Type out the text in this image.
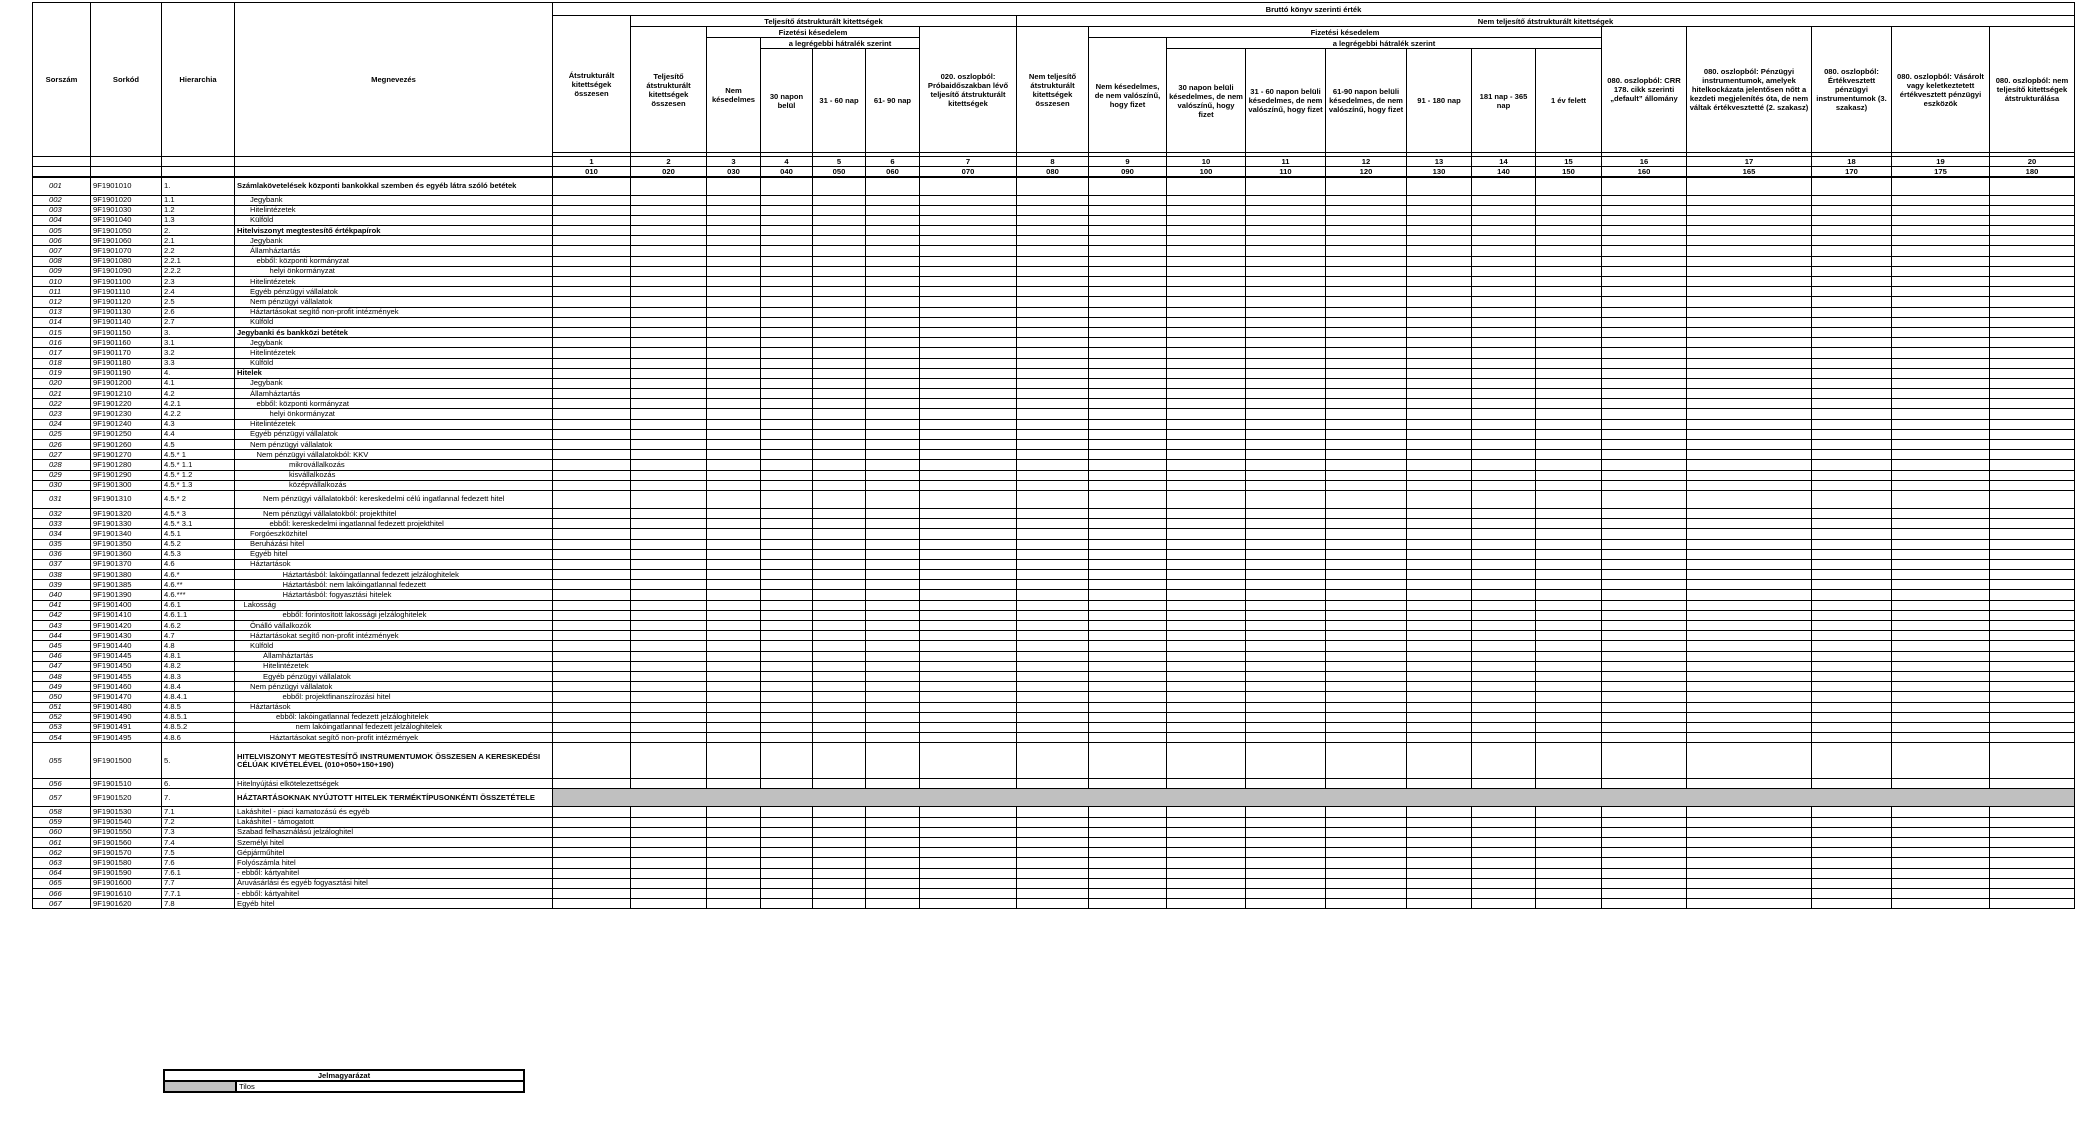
Sorszám	Sorkód	Hierarchia	Megnevezés	Bruttó könyv szerinti érték																			
				Átstrukturált kitettségek összesen	Teljesítő átstrukturált kitettségek						Nem teljesítő átstrukturált kitettségek												
					Teljesítő átstrukturált kitettségek összesen	Fizetési késedelem				020. oszlopból: Próbaidőszakban lévő teljesítő átstrukturált kitettségek	Nem teljesítő átstrukturált kitettségek összesen	Fizetési késedelem							080. oszlopból: CRR 178. cikk szerinti „default” állomány	080. oszlopból: Pénzügyi instrumentumok, amelyek hitelkockázata jelentősen nőtt a kezdeti megjelenítés óta, de nem váltak értékvesztetté (2. szakasz)	080. oszlopból: Értékvesztett pénzügyi instrumentumok (3. szakasz)	080. oszlopból: Vásárolt vagy keletkeztetett értékvesztett pénzügyi eszközök	080. oszlopból: nem teljesítő kitettségek átstrukturálása
						Nem késedelmes	a legrégebbi hátralék szerint					Nem késedelmes, de nem valószínű, hogy fizet	a legrégebbi hátralék szerint										
							30 napon belül	31 - 60 nap	61- 90 nap				30 napon belüli késedelmes, de nem valószínű, hogy fizet	31 - 60 napon belüli késedelmes, de nem valószínű, hogy fizet	61-90 napon belüli késedelmes, de nem valószínű, hogy fizet	91 - 180 nap	181 nap - 365 nap	1 év felett					

				1	2	3	4	5	6	7	8	9	10	11	12	13	14	15	16	17	18	19	20
				010	020	030	040	050	060	070	080	090	100	110	120	130	140	150	160	165	170	175	180
001	9F1901010	1.	Számlakövetelések központi bankokkal szemben és egyéb látra szóló betétek																				
002	9F1901020	1.1	Jegybank																				
003	9F1901030	1.2	Hitelintézetek																				
004	9F1901040	1.3	Külföld																				
005	9F1901050	2.	Hitelviszonyt megtestesítő értékpapírok																				
006	9F1901060	2.1	Jegybank																				
007	9F1901070	2.2	Államháztartás																				
008	9F1901080	2.2.1	ebből: központi kormányzat																				
009	9F1901090	2.2.2	helyi önkormányzat																				
010	9F1901100	2.3	Hitelintézetek																				
011	9F1901110	2.4	Egyéb pénzügyi vállalatok																				
012	9F1901120	2.5	Nem pénzügyi vállalatok																				
013	9F1901130	2.6	Háztartásokat segítő non-profit intézmények																				
014	9F1901140	2.7	Külföld																				
015	9F1901150	3.	Jegybanki és bankközi betétek																				
016	9F1901160	3.1	Jegybank																				
017	9F1901170	3.2	Hitelintézetek																				
018	9F1901180	3.3	Külföld																				
019	9F1901190	4.	Hitelek																				
020	9F1901200	4.1	Jegybank																				
021	9F1901210	4.2	Államháztartás																				
022	9F1901220	4.2.1	ebből: központi kormányzat																				
023	9F1901230	4.2.2	helyi önkormányzat																				
024	9F1901240	4.3	Hitelintézetek																				
025	9F1901250	4.4	Egyéb pénzügyi vállalatok																				
026	9F1901260	4.5	Nem pénzügyi vállalatok																				
027	9F1901270	4.5.* 1	Nem pénzügyi vállalatokból: KKV																				
028	9F1901280	4.5.* 1.1	mikrovállalkozás																				
029	9F1901290	4.5.* 1.2	kisvállalkozás																				
030	9F1901300	4.5.* 1.3	középvállalkozás																				
031	9F1901310	4.5.* 2	Nem pénzügyi vállalatokból: kereskedelmi célú ingatlannal fedezett hitel																				
032	9F1901320	4.5.* 3	Nem pénzügyi vállalatokból: projekthitel																				
033	9F1901330	4.5.* 3.1	ebből: kereskedelmi ingatlannal fedezett projekthitel																				
034	9F1901340	4.5.1	Forgóeszközhitel																				
035	9F1901350	4.5.2	Beruházási hitel																				
036	9F1901360	4.5.3	Egyéb hitel																				
037	9F1901370	4.6	Háztartások																				
038	9F1901380	4.6.*	Háztartásból: lakóingatlannal fedezett jelzáloghitelek																				
039	9F1901385	4.6.**	Háztartásból: nem lakóingatlannal fedezett																				
040	9F1901390	4.6.***	Háztartásból: fogyasztási hitelek																				
041	9F1901400	4.6.1	Lakosság																				
042	9F1901410	4.6.1.1	ebből: forintosított lakossági jelzáloghitelek																				
043	9F1901420	4.6.2	Önálló vállalkozók																				
044	9F1901430	4.7	Háztartásokat segítő non-profit intézmények																				
045	9F1901440	4.8	Külföld																				
046	9F1901445	4.8.1	Államháztartás																				
047	9F1901450	4.8.2	Hitelintézetek																				
048	9F1901455	4.8.3	Egyéb pénzügyi vállalatok																				
049	9F1901460	4.8.4	Nem pénzügyi vállalatok																				
050	9F1901470	4.8.4.1	ebből: projektfinanszírozási hitel																				
051	9F1901480	4.8.5	Háztartások																				
052	9F1901490	4.8.5.1	ebből: lakóingatlannal fedezett jelzáloghitelek																				
053	9F1901491	4.8.5.2	nem lakóingatlannal fedezett jelzáloghitelek																				
054	9F1901495	4.8.6	Háztartásokat segítő non-profit intézmények																				
055	9F1901500	5.	HITELVISZONYT MEGTESTESÍTŐ INSTRUMENTUMOK ÖSSZESEN A KERESKEDÉSI CÉLÚAK KIVÉTELÉVEL (010+050+150+190)																				
056	9F1901510	6.	Hitelnyújtási elkötelezettségek																				
057	9F1901520	7.	HÁZTARTÁSOKNAK NYÚJTOTT HITELEK TERMÉKTÍPUSONKÉNTI ÖSSZETÉTELE																				
058	9F1901530	7.1	Lakáshitel - piaci kamatozású és egyéb																				
059	9F1901540	7.2	Lakáshitel - támogatott																				
060	9F1901550	7.3	Szabad felhasználású jelzáloghitel																				
061	9F1901560	7.4	Személyi hitel																				
062	9F1901570	7.5	Gépjárműhitel																				
063	9F1901580	7.6	Folyószámla hitel																				
064	9F1901590	7.6.1	- ebből: kártyahitel																				
065	9F1901600	7.7	Áruvásárlási és egyéb fogyasztási hitel																				
066	9F1901610	7.7.1	- ebből: kártyahitel																				
067	9F1901620	7.8	Egyéb hitel																				
Jelmagyarázat
	Tilos
